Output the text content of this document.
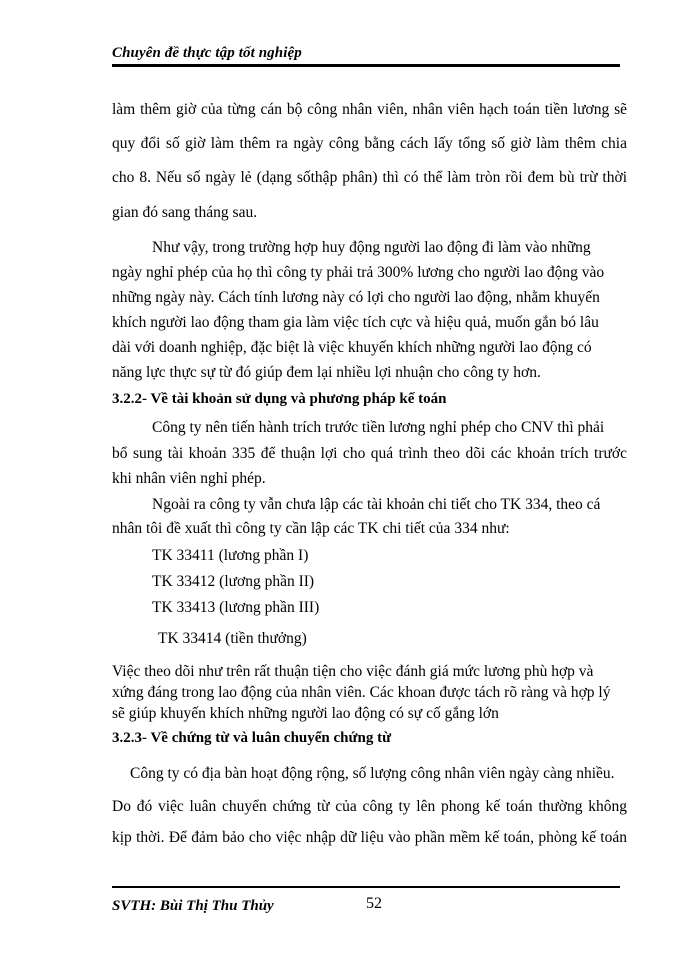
Chuyên đề thực tập tốt nghiệp
làm thêm giờ của từng cán bộ công nhân viên, nhân viên hạch toán tiền lương sẽ
quy đổi số giờ làm thêm ra ngày công bằng cách lấy tổng số giờ làm thêm chia
cho 8. Nếu số ngày lẻ (dạng sốthập phân) thì có thể làm tròn rồi đem bù trừ thời
gian đó sang tháng sau.
Như vậy, trong trường hợp huy động người lao động đi làm vào những
ngày nghỉ phép của họ thì công ty phải trả 300% lương cho người lao động vào
những ngày này. Cách tính lương này có lợi cho người lao động, nhằm khuyến
khích người lao động tham gia làm việc tích cực và hiệu quả, muốn gắn bó lâu
dài với doanh nghiệp, đặc biệt là việc khuyến khích những người lao động có
năng lực thực sự từ đó giúp đem lại nhiều lợi nhuận cho công ty hơn.
3.2.2- Về tài khoản sử dụng và phương pháp kế toán
Công ty nên tiến hành trích trước tiền lương nghỉ phép cho CNV thì phải
bổ sung tài khoản 335 để thuận lợi cho quá trình theo dõi các khoản trích trước
khi nhân viên nghỉ phép.
Ngoài ra công ty vẫn chưa lập các tài khoản chi tiết cho TK 334, theo cá
nhân tôi đề xuất thì công ty cần lập các TK chi tiết của 334 như:
TK 33411 (lương phần I)
TK 33412 (lương phần II)
TK 33413 (lương phần III)
TK 33414 (tiền thưởng)
Việc theo dõi như trên rất thuận tiện cho việc đánh giá mức lương phù hợp và
xứng đáng trong lao động của nhân viên. Các khoan được tách rõ ràng và hợp lý
sẽ giúp khuyến khích những người lao động có sự cố gắng lớn
3.2.3- Về chứng từ và luân chuyển chứng từ
Công ty có địa bàn hoạt động rộng, số lượng công nhân viên ngày càng nhiều.
Do đó việc luân chuyển chứng từ của công ty lên phong kế toán thường không
kịp thời. Để đảm bảo cho việc nhập dữ liệu vào phần mềm kế toán, phòng kế toán
SVTH: Bùi Thị Thu Thủy	52
